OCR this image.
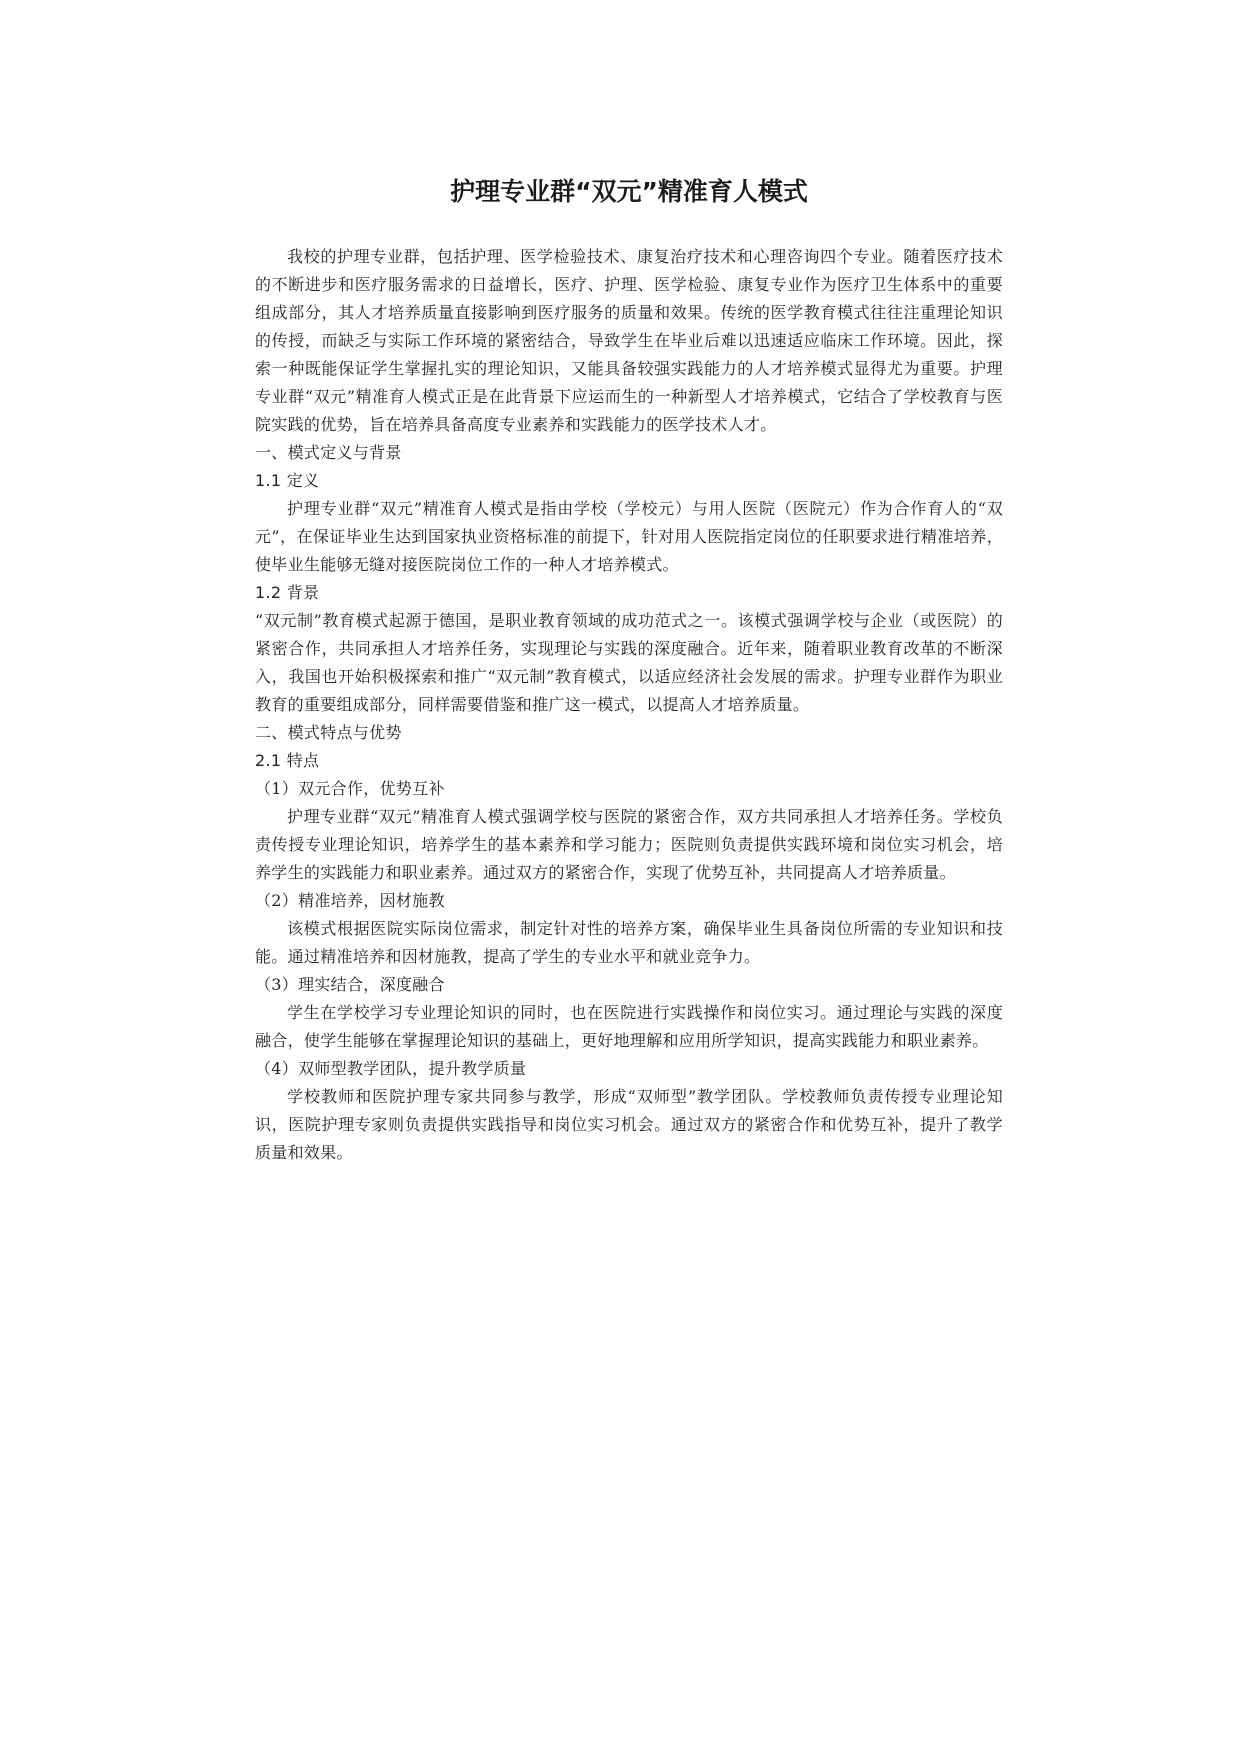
护理专业群“双元”精准育人模式

我校的护理专业群，包括护理、医学检验技术、康复治疗技术和心理咨询四个专业。随着医疗技术的不断进步和医疗服务需求的日益增长，医疗、护理、医学检验、康复专业作为医疗卫生体系中的重要组成部分，其人才培养质量直接影响到医疗服务的质量和效果。传统的医学教育模式往往注重理论知识的传授，而缺乏与实际工作环境的紧密结合，导致学生在毕业后难以迅速适应临床工作环境。因此，探索一种既能保证学生掌握扎实的理论知识，又能具备较强实践能力的人才培养模式显得尤为重要。护理专业群“双元”精准育人模式正是在此背景下应运而生的一种新型人才培养模式，它结合了学校教育与医院实践的优势，旨在培养具备高度专业素养和实践能力的医学技术人才。

一、模式定义与背景

1.1 定义

护理专业群“双元”精准育人模式是指由学校（学校元）与用人医院（医院元）作为合作育人的“双元”，在保证毕业生达到国家执业资格标准的前提下，针对用人医院指定岗位的任职要求进行精准培养，使毕业生能够无缝对接医院岗位工作的一种人才培养模式。

1.2 背景

“双元制”教育模式起源于德国，是职业教育领域的成功范式之一。该模式强调学校与企业（或医院）的紧密合作，共同承担人才培养任务，实现理论与实践的深度融合。近年来，随着职业教育改革的不断深入，我国也开始积极探索和推广“双元制”教育模式，以适应经济社会发展的需求。护理专业群作为职业教育的重要组成部分，同样需要借鉴和推广这一模式，以提高人才培养质量。

二、模式特点与优势

2.1 特点

（1）双元合作，优势互补

护理专业群“双元”精准育人模式强调学校与医院的紧密合作，双方共同承担人才培养任务。学校负责传授专业理论知识，培养学生的基本素养和学习能力；医院则负责提供实践环境和岗位实习机会，培养学生的实践能力和职业素养。通过双方的紧密合作，实现了优势互补，共同提高人才培养质量。

（2）精准培养，因材施教

该模式根据医院实际岗位需求，制定针对性的培养方案，确保毕业生具备岗位所需的专业知识和技能。通过精准培养和因材施教，提高了学生的专业水平和就业竞争力。

（3）理实结合，深度融合

学生在学校学习专业理论知识的同时，也在医院进行实践操作和岗位实习。通过理论与实践的深度融合，使学生能够在掌握理论知识的基础上，更好地理解和应用所学知识，提高实践能力和职业素养。

（4）双师型教学团队，提升教学质量

学校教师和医院护理专家共同参与教学，形成“双师型”教学团队。学校教师负责传授专业理论知识，医院护理专家则负责提供实践指导和岗位实习机会。通过双方的紧密合作和优势互补，提升了教学质量和效果。
